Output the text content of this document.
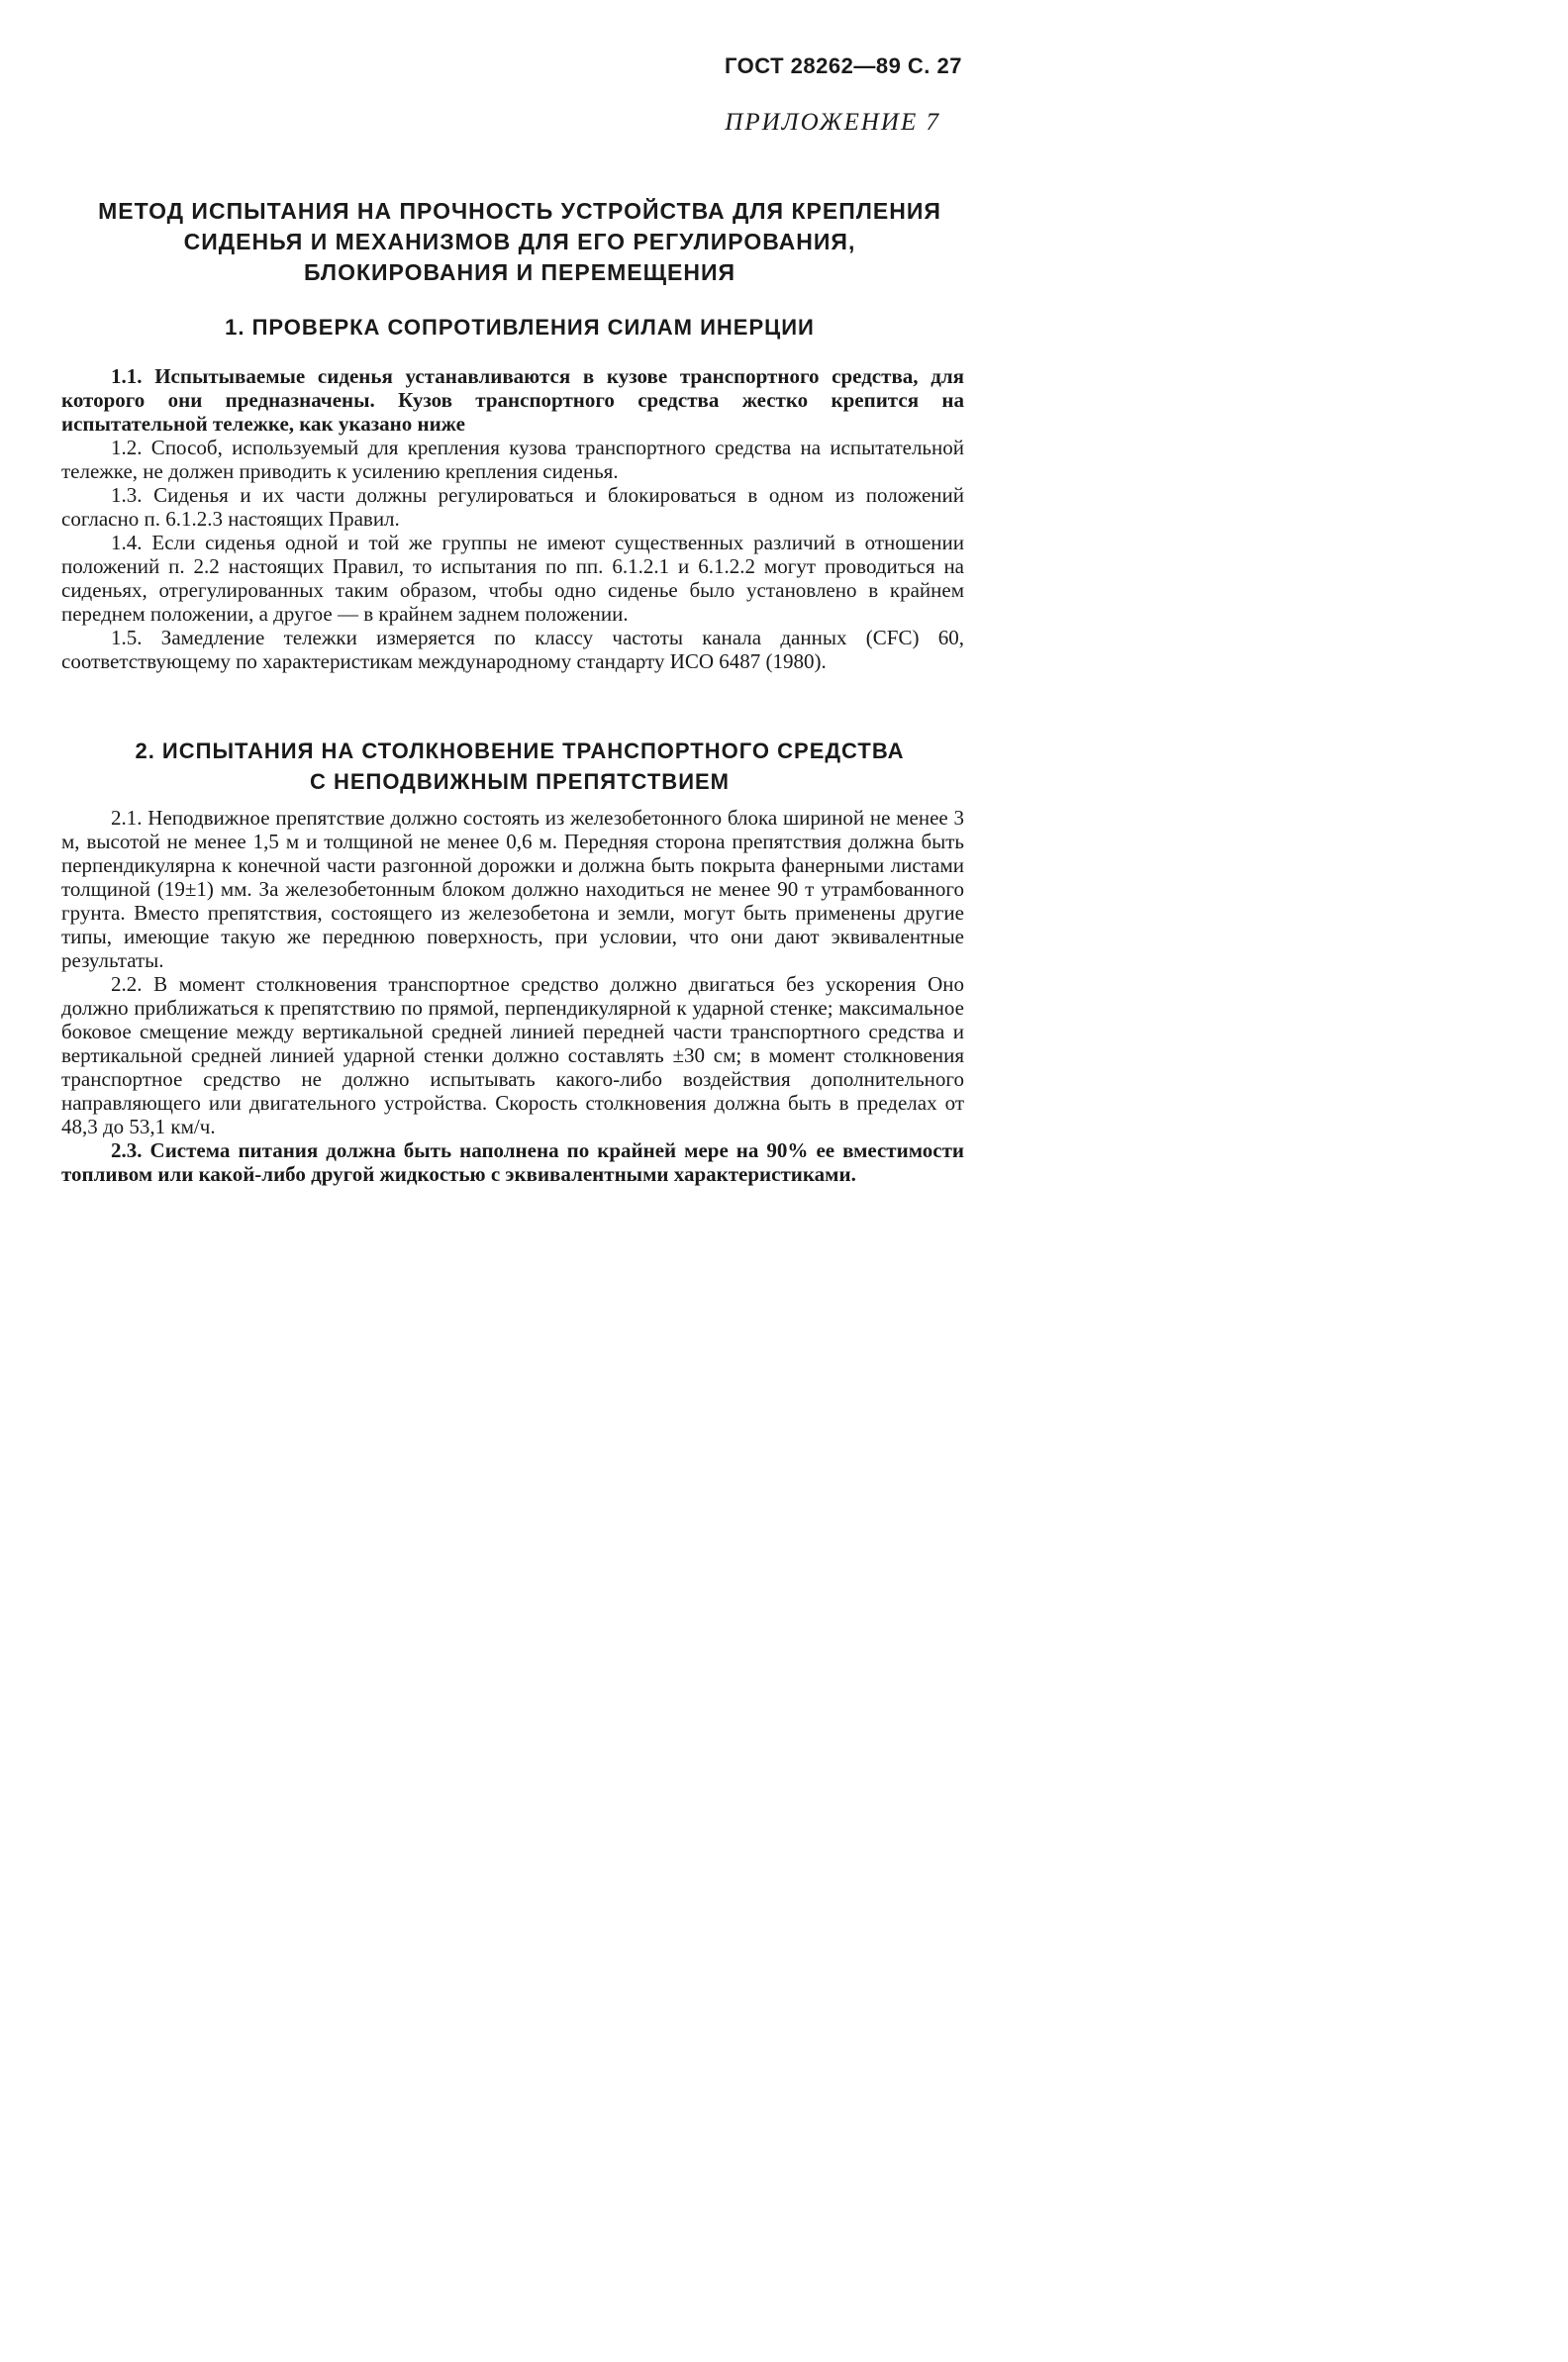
ГОСТ 28262—89 С. 27
ПРИЛОЖЕНИЕ 7
МЕТОД ИСПЫТАНИЯ НА ПРОЧНОСТЬ УСТРОЙСТВА ДЛЯ КРЕПЛЕНИЯ
СИДЕНЬЯ И МЕХАНИЗМОВ ДЛЯ ЕГО РЕГУЛИРОВАНИЯ,
БЛОКИРОВАНИЯ И ПЕРЕМЕЩЕНИЯ
1. ПРОВЕРКА СОПРОТИВЛЕНИЯ СИЛАМ ИНЕРЦИИ

1.1. Испытываемые сиденья устанавливаются в кузове транспортного средства, для которого они предназначены. Кузов транспортного средства жестко крепится на испытательной тележке, как указано ниже

1.2. Способ, используемый для крепления кузова транспортного средства на испытательной тележке, не должен приводить к усилению крепления сиденья.

1.3. Сиденья и их части должны регулироваться и блокироваться в одном из положений согласно п. 6.1.2.3 настоящих Правил.

1.4. Если сиденья одной и той же группы не имеют существенных различий в отношении положений п. 2.2 настоящих Правил, то испытания по пп. 6.1.2.1 и 6.1.2.2 могут проводиться на сиденьях, отрегулированных таким образом, чтобы одно сиденье было установлено в крайнем переднем положении, а другое — в крайнем заднем положении.

1.5. Замедление тележки измеряется по классу частоты канала данных (CFC) 60, соответствующему по характеристикам международному стандарту ИСО 6487 (1980).

2. ИСПЫТАНИЯ НА СТОЛКНОВЕНИЕ ТРАНСПОРТНОГО СРЕДСТВА
С НЕПОДВИЖНЫМ ПРЕПЯТСТВИЕМ

2.1. Неподвижное препятствие должно состоять из железобетонного блока шириной не менее 3 м, высотой не менее 1,5 м и толщиной не менее 0,6 м. Передняя сторона препятствия должна быть перпендикулярна к конечной части разгонной дорожки и должна быть покрыта фанерными листами толщиной (19±1) мм. За железобетонным блоком должно находиться не менее 90 т утрамбованного грунта. Вместо препятствия, состоящего из железобетона и земли, могут быть применены другие типы, имеющие такую же переднюю поверхность, при условии, что они дают эквивалентные результаты.

2.2. В момент столкновения транспортное средство должно двигаться без ускорения Оно должно приближаться к препятствию по прямой, перпендикулярной к ударной стенке; максимальное боковое смещение между вертикальной средней линией передней части транспортного средства и вертикальной средней линией ударной стенки должно составлять ±30 см; в момент столкновения транспортное средство не должно испытывать какого-либо воздействия дополнительного направляющего или двигательного устройства. Скорость столкновения должна быть в пределах от 48,3 до 53,1 км/ч.

2.3. Система питания должна быть наполнена по крайней мере на 90% ее вместимости топливом или какой-либо другой жидкостью с эквивалентными характеристиками.
